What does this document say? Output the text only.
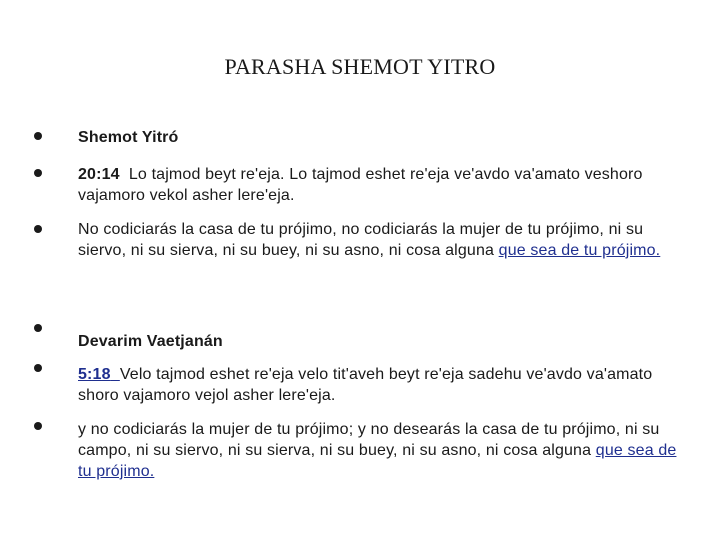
PARASHA SHEMOT YITRO
Shemot Yitró
20:14 Lo tajmod beyt re'eja. Lo tajmod eshet re'eja ve'avdo va'amato veshoro vajamoro vekol asher lere'eja.
No codiciarás la casa de tu prójimo, no codiciarás la mujer de tu prójimo, ni su siervo, ni su sierva, ni su buey, ni su asno, ni cosa alguna que sea de tu prójimo.
Devarim Vaetjanán
5:18 Velo tajmod eshet re'eja velo tit'aveh beyt re'eja sadehu ve'avdo va'amato shoro vajamoro vejol asher lere'eja.
y no codiciarás la mujer de tu prójimo; y no desearás la casa de tu prójimo, ni su campo, ni su siervo, ni su sierva, ni su buey, ni su asno, ni cosa alguna que sea de tu prójimo.
